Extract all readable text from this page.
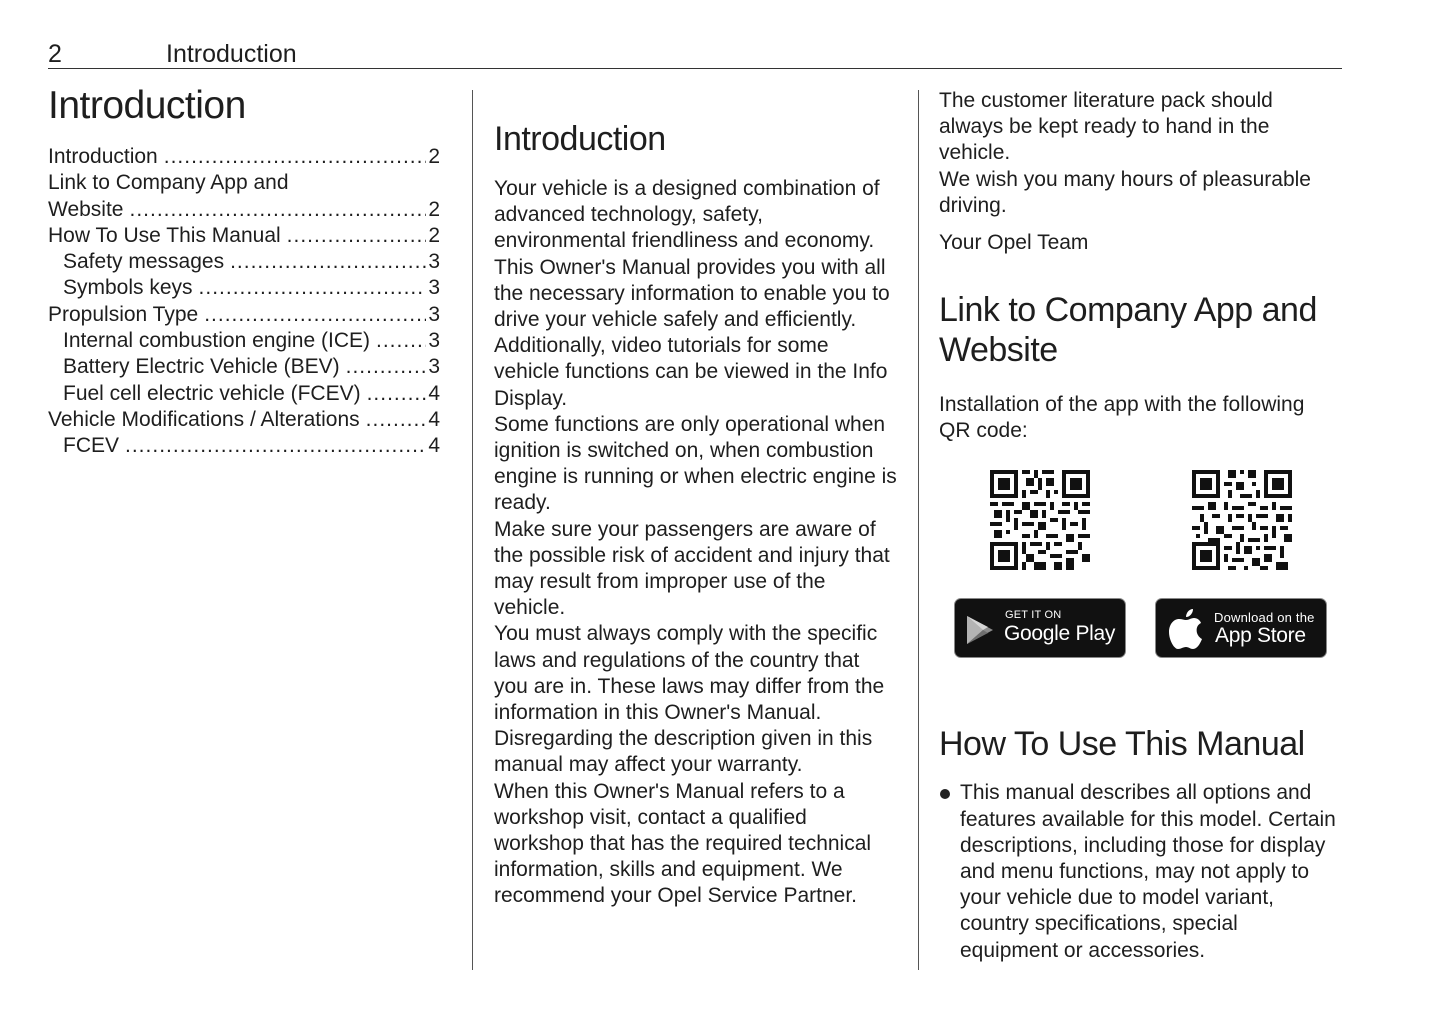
2	Introduction
Introduction
Introduction .....	2
Link to Company App and
Website .....	2
How To Use This Manual .....	2
Safety messages .....	3
Symbols keys .....	3
Propulsion Type .....	3
Internal combustion engine (ICE) .....	3
Battery Electric Vehicle (BEV) .....	3
Fuel cell electric vehicle (FCEV) .....	4
Vehicle Modifications / Alterations .....	4
FCEV .....	4
Introduction

Your vehicle is a designed combination of advanced technology, safety, environmental friendliness and economy.

This Owner's Manual provides you with all the necessary information to enable you to drive your vehicle safely and efficiently.

Additionally, video tutorials for some vehicle functions can be viewed in the Info Display.

Some functions are only operational when ignition is switched on, when combustion engine is running or when electric engine is ready.

Make sure your passengers are aware of the possible risk of accident and injury that may result from improper use of the vehicle.

You must always comply with the specific laws and regulations of the country that you are in. These laws may differ from the information in this Owner's Manual.

Disregarding the description given in this manual may affect your warranty.

When this Owner's Manual refers to a workshop visit, contact a qualified workshop that has the required technical information, skills and equipment. We recommend your Opel Service Partner.

The customer literature pack should always be kept ready to hand in the vehicle.

We wish you many hours of pleasurable driving.

Your Opel Team
Link to Company App and Website

Installation of the app with the following QR code:

GET IT ON
Google Play
Download on the
App Store
How To Use This Manual
This manual describes all options and features available for this model. Certain descriptions, including those for display and menu functions, may not apply to your vehicle due to model variant, country specifications, special equipment or accessories.
